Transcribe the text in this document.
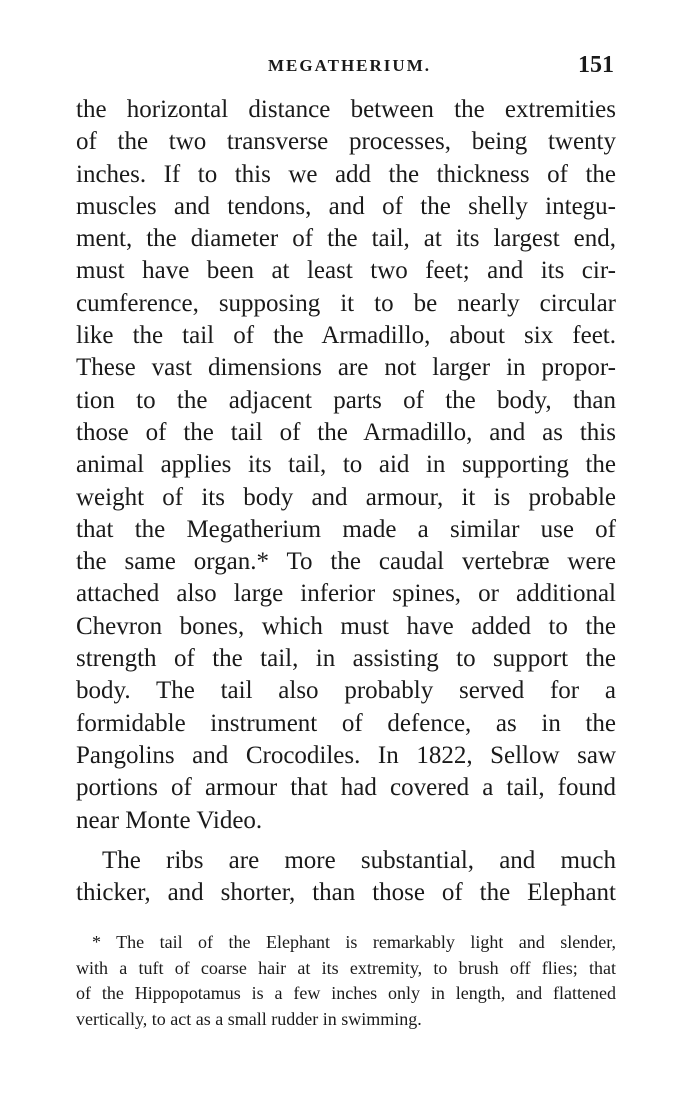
MEGATHERIUM.	151
the horizontal distance between the extremities
of the two transverse processes, being twenty
inches. If to this we add the thickness of the
muscles and tendons, and of the shelly integu-
ment, the diameter of the tail, at its largest end,
must have been at least two feet; and its cir-
cumference, supposing it to be nearly circular
like the tail of the Armadillo, about six feet.
These vast dimensions are not larger in propor-
tion to the adjacent parts of the body, than
those of the tail of the Armadillo, and as this
animal applies its tail, to aid in supporting the
weight of its body and armour, it is probable
that the Megatherium made a similar use of
the same organ.* To the caudal vertebræ were
attached also large inferior spines, or additional
Chevron bones, which must have added to the
strength of the tail, in assisting to support the
body. The tail also probably served for a
formidable instrument of defence, as in the
Pangolins and Crocodiles. In 1822, Sellow saw
portions of armour that had covered a tail, found
near Monte Video.
The ribs are more substantial, and much
thicker, and shorter, than those of the Elephant
* The tail of the Elephant is remarkably light and slender,
with a tuft of coarse hair at its extremity, to brush off flies; that
of the Hippopotamus is a few inches only in length, and flattened
vertically, to act as a small rudder in swimming.
